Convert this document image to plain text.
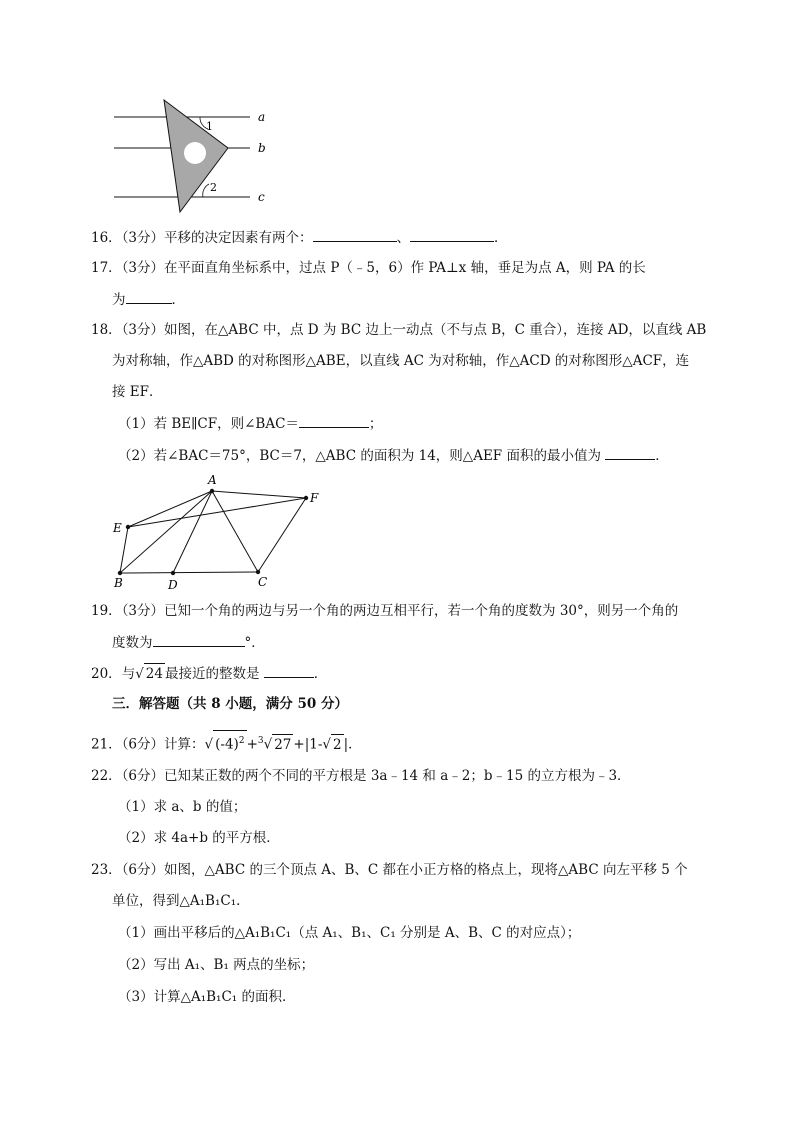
1
2
a
b
c
16．（3分）平移的决定因素有两个：	、	．
17．（3分）在平面直角坐标系中，过点 P（﹣5，6）作 PA⊥x 轴，垂足为点 A，则 PA 的长
为	．
18．（3分）如图，在△ABC 中，点 D 为 BC 边上一动点（不与点 B，C 重合），连接 AD，以直线 AB
为对称轴，作△ABD 的对称图形△ABE，以直线 AC 为对称轴，作△ACD 的对称图形△ACF，连
接 EF．
（1）若 BE∥CF，则∠BAC＝	；
（2）若∠BAC＝75°，BC＝7，△ABC 的面积为 14，则△AEF 面积的最小值为	．
A
B	C
D
E
F
19．（3分）已知一个角的两边与另一个角的两边互相平行，若一个角的度数为 30°，则另一个角的
度数为	°．
20．与√ 24 最接近的整数是	．
三．解答题（共 8 小题，满分 50 分）
21．（6分）计算：√ $(-4)^2 +^3√$ 27 +|1-√ 2 |．
22．（6分）已知某正数的两个不同的平方根是 3a﹣14 和 a﹣2；b﹣15 的立方根为﹣3．
（1）求 a、b 的值；
（2）求 4a+b 的平方根．
23．（6分）如图，△ABC 的三个顶点 A、B、C 都在小正方格的格点上，现将△ABC 向左平移 5 个
单位，得到△A₁B₁C₁．
（1）画出平移后的△A₁B₁C₁（点 A₁、B₁、C₁ 分别是 A、B、C 的对应点）；
（2）写出 A₁、B₁ 两点的坐标；
（3）计算△A₁B₁C₁ 的面积．
